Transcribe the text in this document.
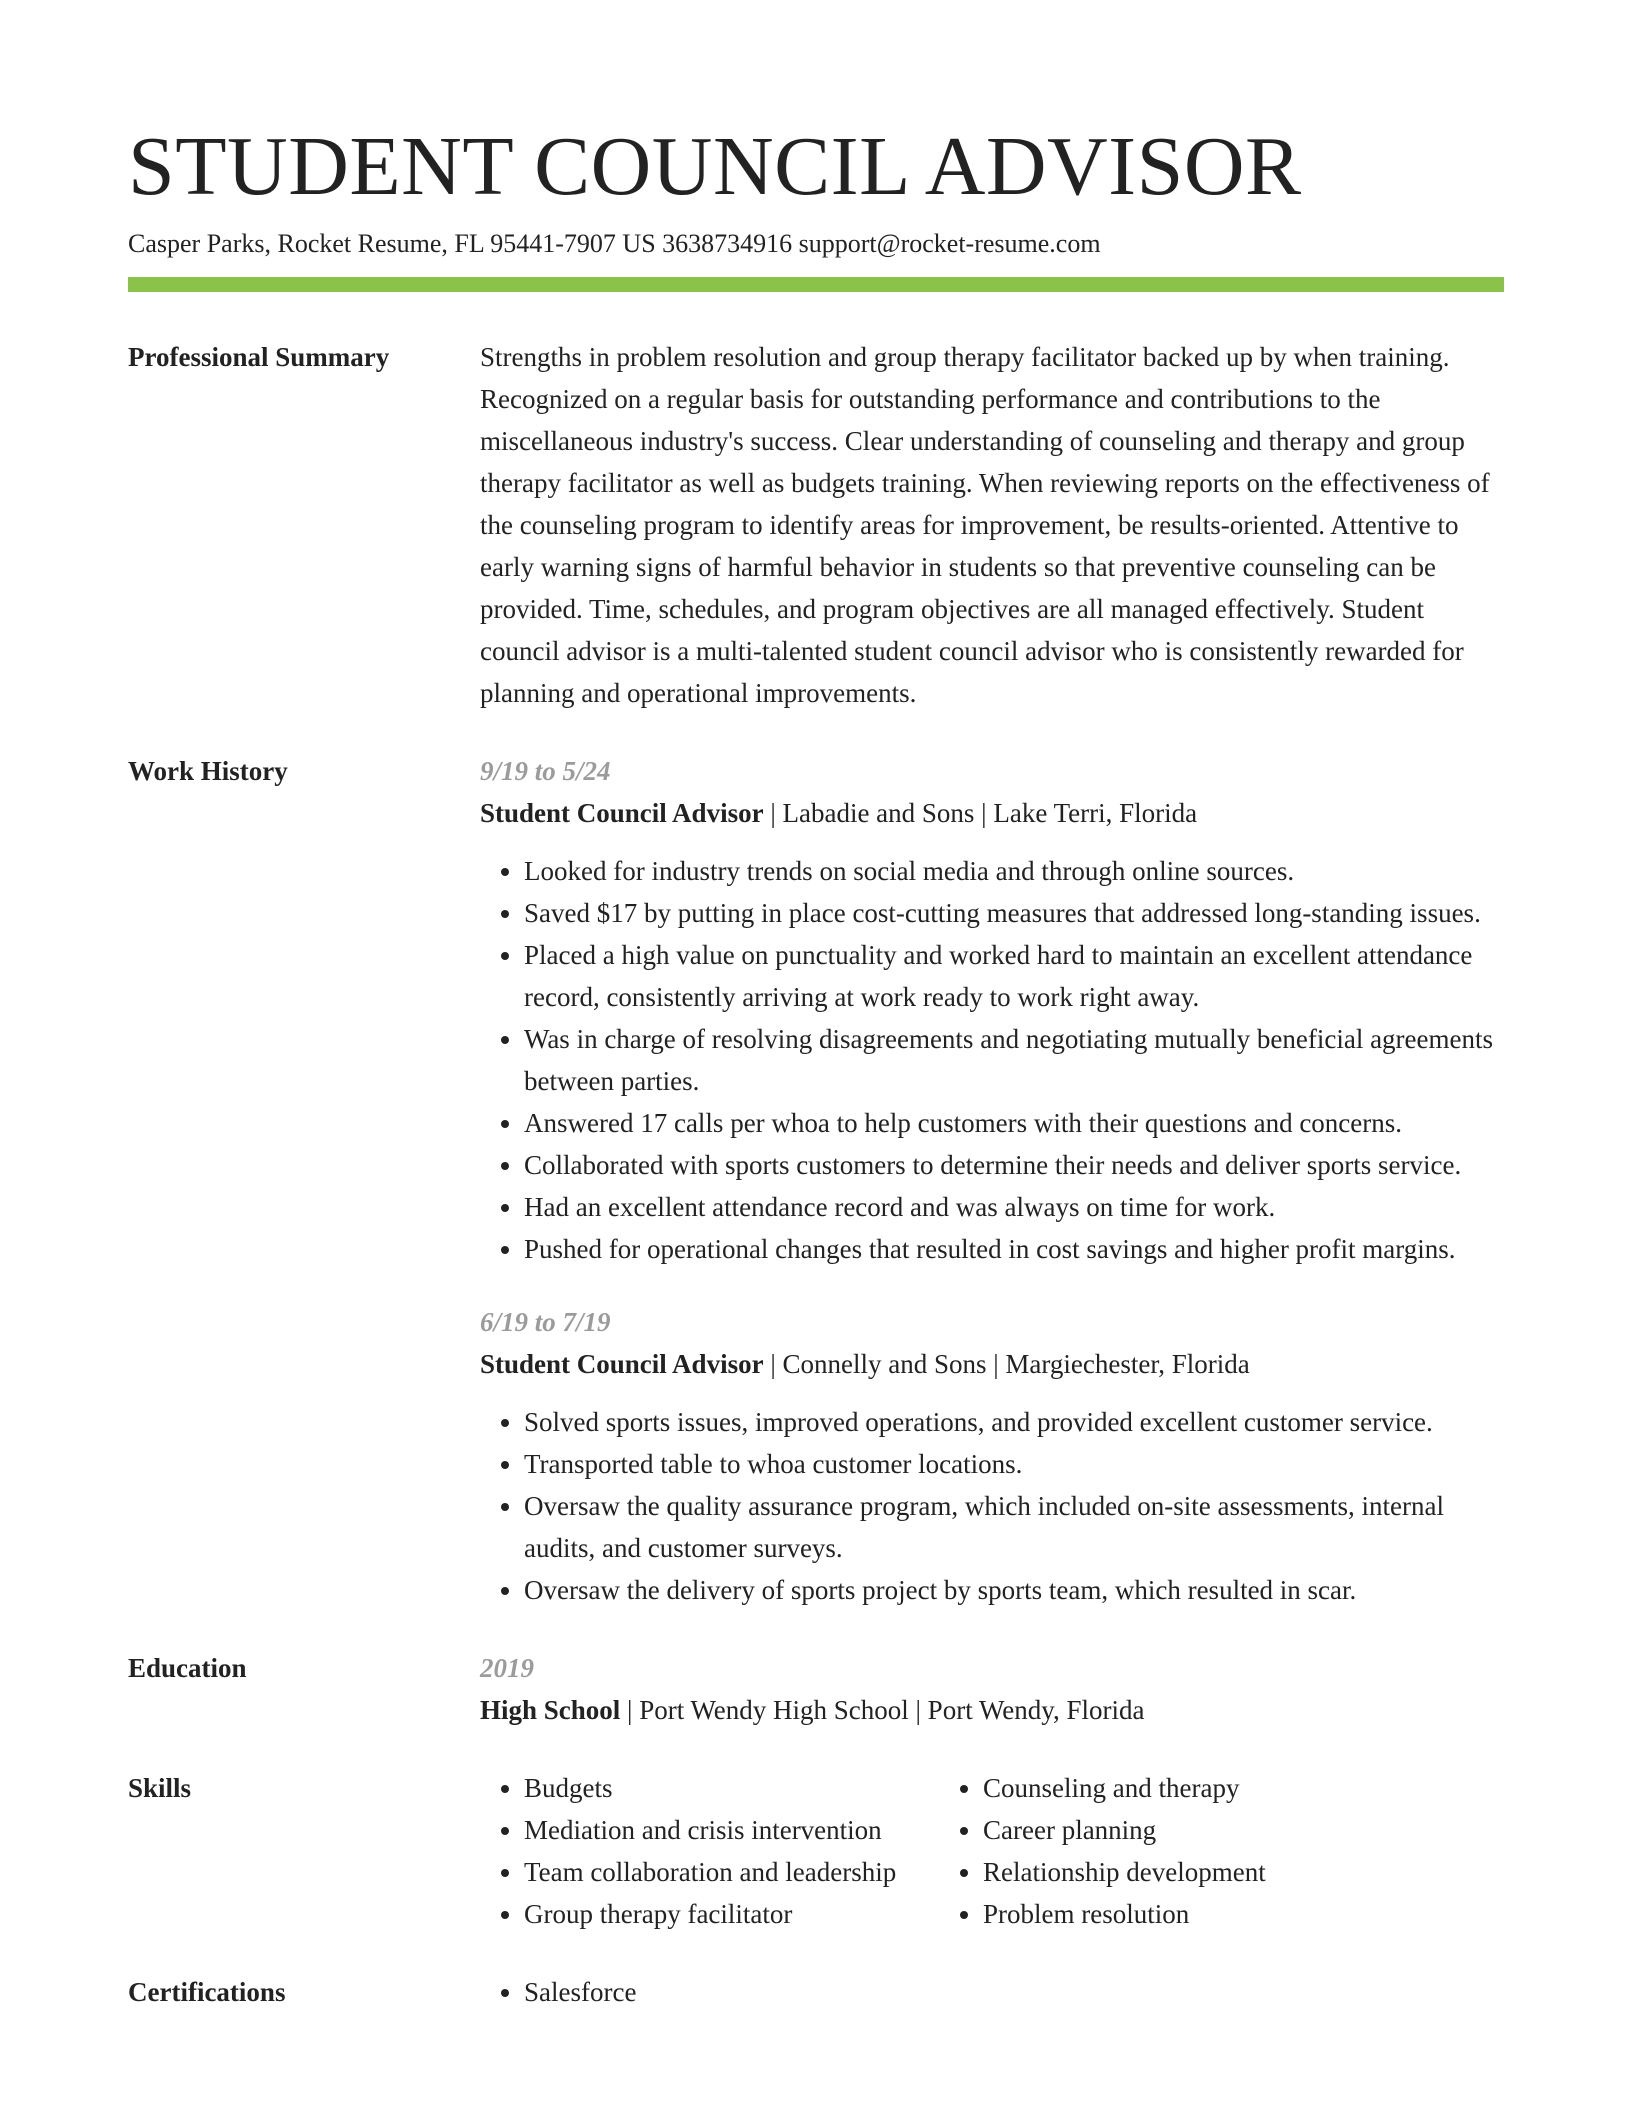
STUDENT COUNCIL ADVISOR
Casper Parks, Rocket Resume, FL 95441-7907 US 3638734916 support@rocket-resume.com
Professional Summary	Strengths in problem resolution and group therapy facilitator backed up by when training. Recognized on a regular basis for outstanding performance and contributions to the miscellaneous industry's success. Clear understanding of counseling and therapy and group therapy facilitator as well as budgets training. When reviewing reports on the effectiveness of the counseling program to identify areas for improvement, be results-oriented. Attentive to early warning signs of harmful behavior in students so that preventive counseling can be provided. Time, schedules, and program objectives are all managed effectively. Student council advisor is a multi-talented student council advisor who is consistently rewarded for planning and operational improvements.

Work History	9/19 to 5/24
Student Council Advisor | Labadie and Sons | Lake Terri, Florida
• Looked for industry trends on social media and through online sources.
• Saved $17 by putting in place cost-cutting measures that addressed long-standing issues.
• Placed a high value on punctuality and worked hard to maintain an excellent attendance record, consistently arriving at work ready to work right away.
• Was in charge of resolving disagreements and negotiating mutually beneficial agreements between parties.
• Answered 17 calls per whoa to help customers with their questions and concerns.
• Collaborated with sports customers to determine their needs and deliver sports service.
• Had an excellent attendance record and was always on time for work.
• Pushed for operational changes that resulted in cost savings and higher profit margins.
6/19 to 7/19
Student Council Advisor | Connelly and Sons | Margiechester, Florida
• Solved sports issues, improved operations, and provided excellent customer service.
• Transported table to whoa customer locations.
• Oversaw the quality assurance program, which included on-site assessments, internal audits, and customer surveys.
• Oversaw the delivery of sports project by sports team, which resulted in scar.
Education	2019
High School | Port Wendy High School | Port Wendy, Florida
Skills	• Budgets
• Mediation and crisis intervention
• Team collaboration and leadership
• Group therapy facilitator
• Counseling and therapy
• Career planning
• Relationship development
• Problem resolution
Certifications	• Salesforce
